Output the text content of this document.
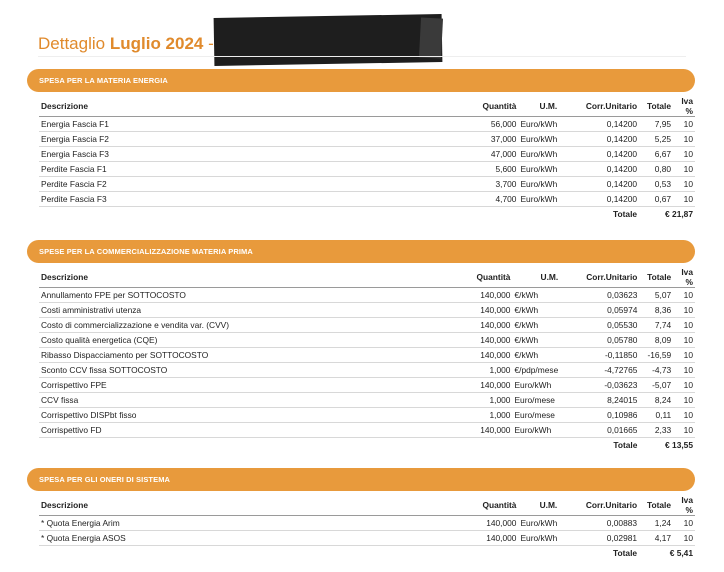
Dettaglio Luglio 2024 -
SPESA PER LA MATERIA ENERGIA
Descrizione	Quantità	U.M.	Corr.Unitario	Totale	Iva %
Energia Fascia F1	56,000	Euro/kWh	0,14200	7,95	10
Energia Fascia F2	37,000	Euro/kWh	0,14200	5,25	10
Energia Fascia F3	47,000	Euro/kWh	0,14200	6,67	10
Perdite Fascia F1	5,600	Euro/kWh	0,14200	0,80	10
Perdite Fascia F2	3,700	Euro/kWh	0,14200	0,53	10
Perdite Fascia F3	4,700	Euro/kWh	0,14200	0,67	10
			Totale	€ 21,87	
SPESE PER LA COMMERCIALIZZAZIONE MATERIA PRIMA
Descrizione	Quantità	U.M.	Corr.Unitario	Totale	Iva %
Annullamento FPE per SOTTOCOSTO	140,000	€/kWh	0,03623	5,07	10
Costi amministrativi utenza	140,000	€/kWh	0,05974	8,36	10
Costo di commercializzazione e vendita var. (CVV)	140,000	€/kWh	0,05530	7,74	10
Costo qualità energetica (CQE)	140,000	€/kWh	0,05780	8,09	10
Ribasso Dispacciamento per SOTTOCOSTO	140,000	€/kWh	-0,11850	-16,59	10
Sconto CCV fissa SOTTOCOSTO	1,000	€/pdp/mese	-4,72765	-4,73	10
Corrispettivo FPE	140,000	Euro/kWh	-0,03623	-5,07	10
CCV fissa	1,000	Euro/mese	8,24015	8,24	10
Corrispettivo DISPbt fisso	1,000	Euro/mese	0,10986	0,11	10
Corrispettivo FD	140,000	Euro/kWh	0,01665	2,33	10
			Totale	€ 13,55	
SPESA PER GLI ONERI DI SISTEMA
Descrizione	Quantità	U.M.	Corr.Unitario	Totale	Iva %
* Quota Energia Arim	140,000	Euro/kWh	0,00883	1,24	10
* Quota Energia ASOS	140,000	Euro/kWh	0,02981	4,17	10
			Totale	€ 5,41	
